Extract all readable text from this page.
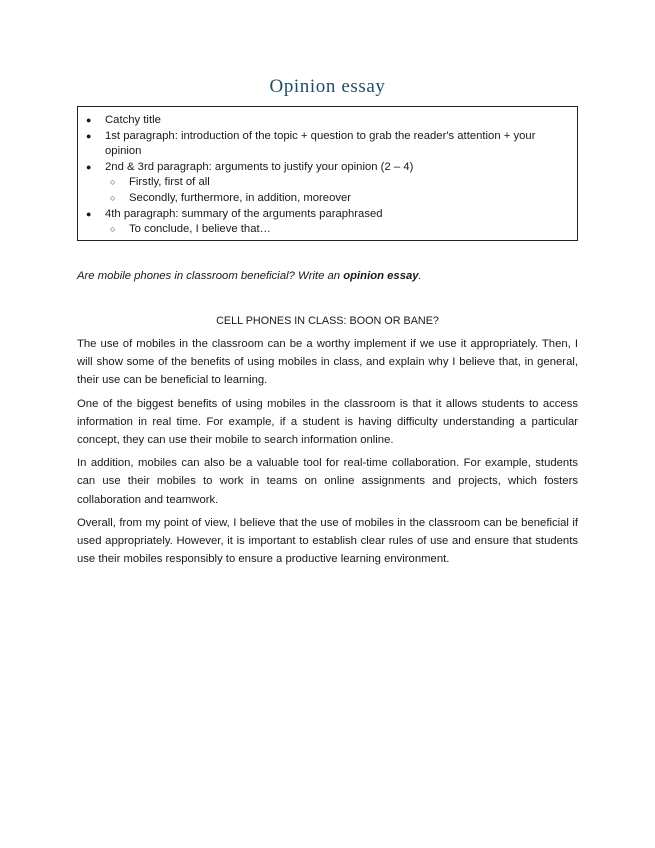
Opinion essay
● Catchy title
● 1st paragraph: introduction of the topic + question to grab the reader's attention + your opinion
● 2nd & 3rd paragraph: arguments to justify your opinion (2 – 4)
○ Firstly, first of all
○ Secondly, furthermore, in addition, moreover
● 4th paragraph: summary of the arguments paraphrased
○ To conclude, I believe that…
Are mobile phones in classroom beneficial? Write an opinion essay.
CELL PHONES IN CLASS: BOON OR BANE?

The use of mobiles in the classroom can be a worthy implement if we use it appropriately. Then, I will show some of the benefits of using mobiles in class, and explain why I believe that, in general, their use can be beneficial to learning.

One of the biggest benefits of using mobiles in the classroom is that it allows students to access information in real time. For example, if a student is having difficulty understanding a particular concept, they can use their mobile to search information online.

In addition, mobiles can also be a valuable tool for real-time collaboration. For example, students can use their mobiles to work in teams on online assignments and projects, which fosters collaboration and teamwork.

Overall, from my point of view, I believe that the use of mobiles in the classroom can be beneficial if used appropriately. However, it is important to establish clear rules of use and ensure that students use their mobiles responsibly to ensure a productive learning environment.
